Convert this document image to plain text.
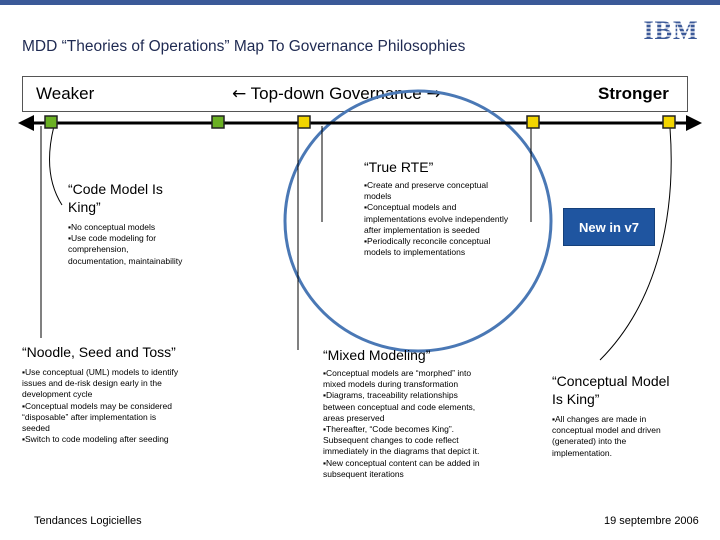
IBM
MDD “Theories of Operations” Map To Governance Philosophies
Weaker	← Top-down Governance →	Stronger
“Code Model Is King”
▪No conceptual models
▪Use code modeling for comprehension, documentation, maintainability
“Noodle, Seed and Toss”
▪Use conceptual (UML) models to identify issues and de-risk design early in the development cycle
▪Conceptual models may be considered “disposable” after implementation is seeded
▪Switch to code modeling after seeding
“True RTE”
▪Create and preserve conceptual models
▪Conceptual models and implementations evolve independently after implementation is seeded
▪Periodically reconcile conceptual models to implementations
“Mixed Modeling”
▪Conceptual models are “morphed” into mixed models during transformation
▪Diagrams, traceability relationships between conceptual and code elements, areas preserved
▪Thereafter, “Code becomes King”. Subsequent changes to code reflect immediately in the diagrams that depict it.
▪New conceptual content can be added in subsequent iterations
“Conceptual Model Is King”
▪All changes are made in conceptual model and driven (generated) into the implementation.
New in v7
Tendances Logicielles	19 septembre 2006
